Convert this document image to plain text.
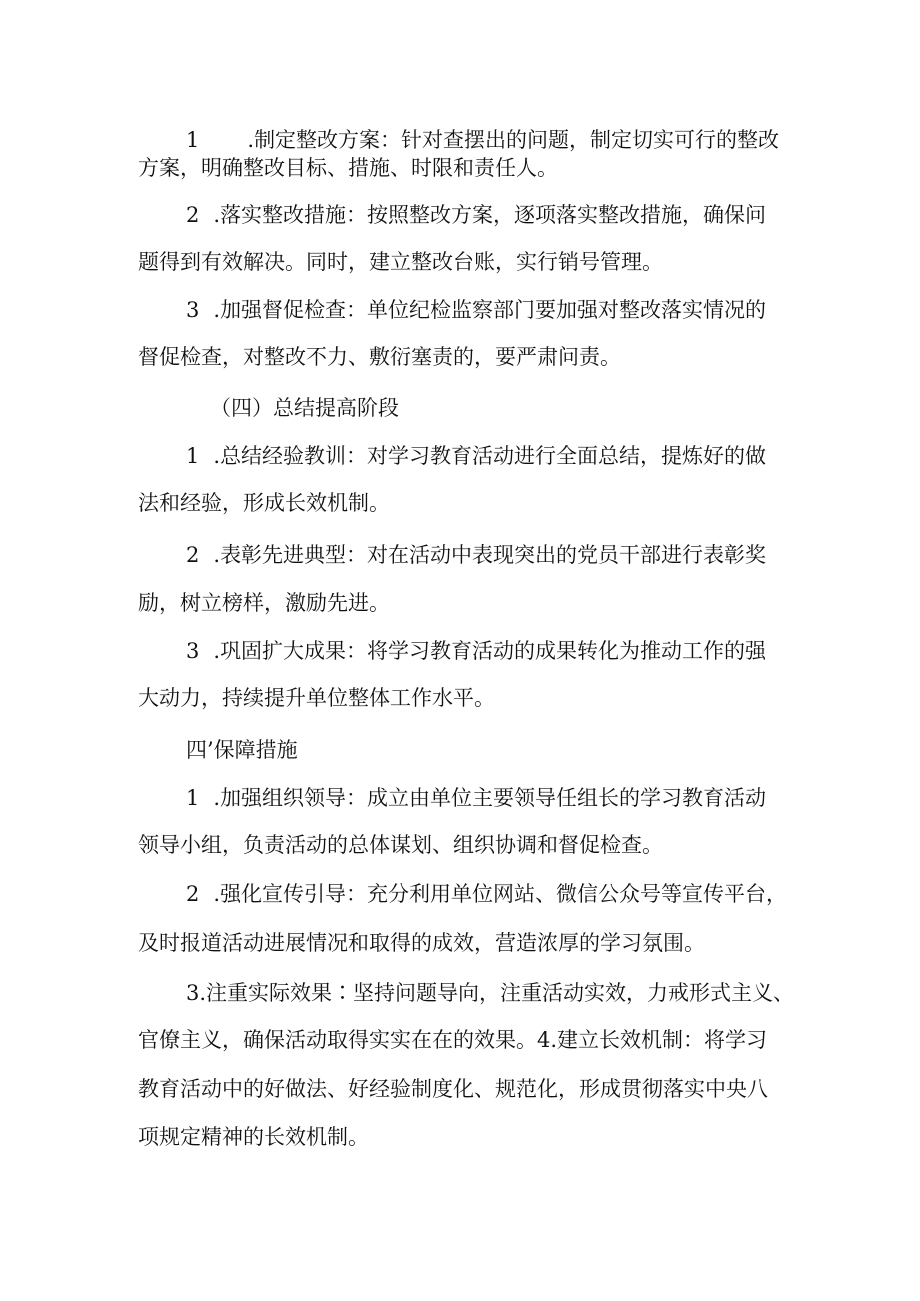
1 .制定整改方案：针对查摆出的问题，制定切实可行的整改
方案，明确整改目标、措施、时限和责任人。
2 .落实整改措施：按照整改方案，逐项落实整改措施，确保问
题得到有效解决。同时，建立整改台账，实行销号管理。
3 .加强督促检查：单位纪检监察部门要加强对整改落实情况的
督促检查，对整改不力、敷衍塞责的，要严肃问责。
（四）总结提高阶段
1 .总结经验教训：对学习教育活动进行全面总结，提炼好的做
法和经验，形成长效机制。
2 .表彰先进典型：对在活动中表现突出的党员干部进行表彰奖
励，树立榜样，激励先进。
3 .巩固扩大成果：将学习教育活动的成果转化为推动工作的强
大动力，持续提升单位整体工作水平。
四’保障措施
1 .加强组织领导：成立由单位主要领导任组长的学习教育活动
领导小组，负责活动的总体谋划、组织协调和督促检查。
2 .强化宣传引导：充分利用单位网站、微信公众号等宣传平台，
及时报道活动进展情况和取得的成效，营造浓厚的学习氛围。
3.注重实际效果∶坚持问题导向，注重活动实效，力戒形式主义、
官僚主义，确保活动取得实实在在的效果。4.建立长效机制：将学习
教育活动中的好做法、好经验制度化、规范化，形成贯彻落实中央八
项规定精神的长效机制。
